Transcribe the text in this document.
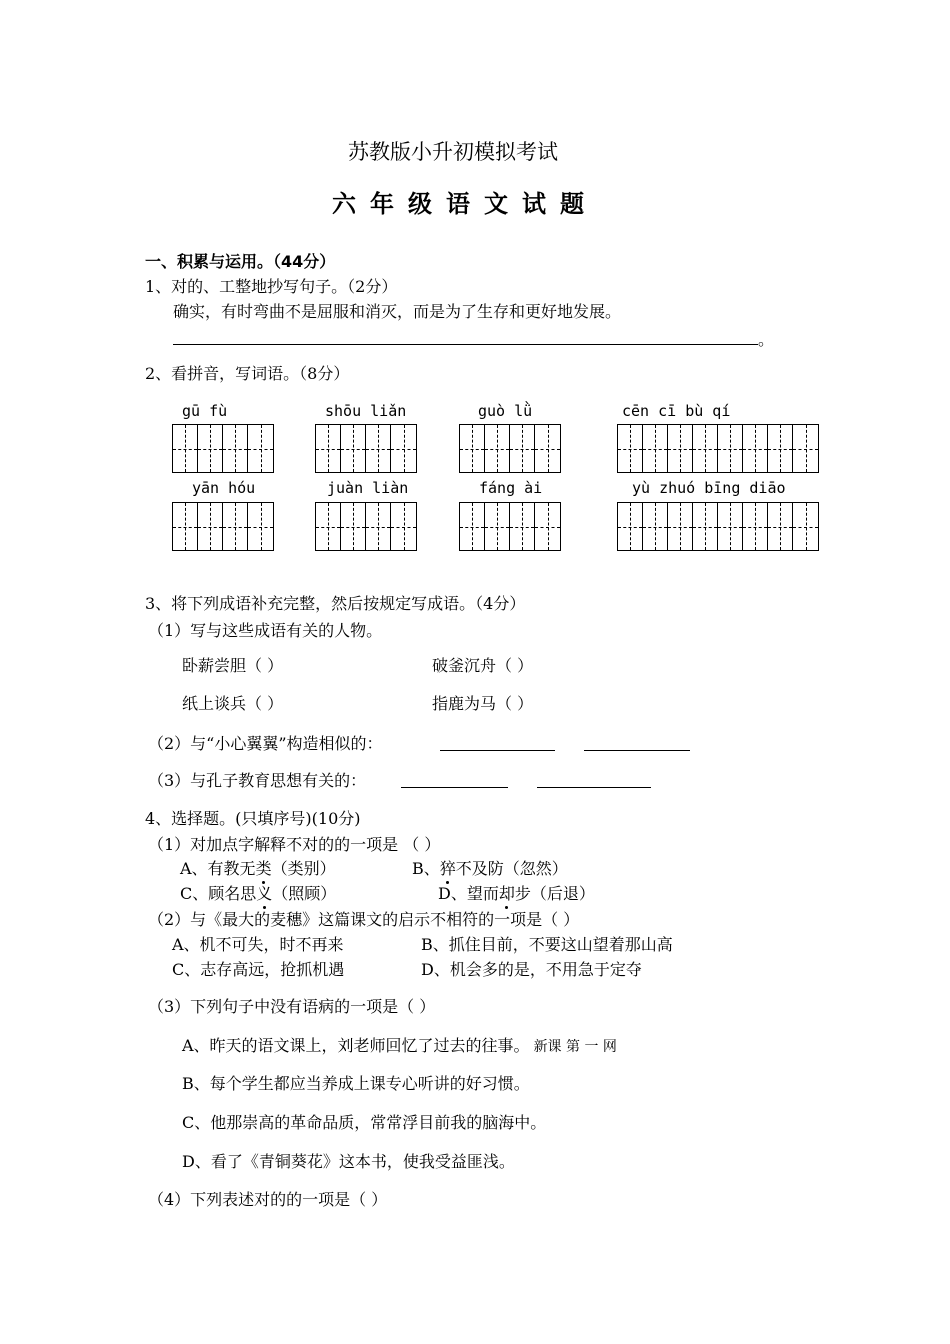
苏教版小升初模拟考试
六年级语文试题
一、积累与运用。（44分）
1、对的、工整地抄写句子。（2分）
确实，有时弯曲不是屈服和消灭，而是为了生存和更好地发展。
。
2、看拼音，写词语。（8分）
gū fù	shōu liǎn	guò lǜ	cēn cī bù qí
yān hóu	juàn liàn	fáng ài	yù zhuó bīng diāo
3、将下列成语补充完整，然后按规定写成语。（4分）
（1）写与这些成语有关的人物。
卧薪尝胆（ ）	破釜沉舟（ ）
纸上谈兵（ ）	指鹿为马（ ）
（2）与“小心翼翼”构造相似的：
（3）与孔子教育思想有关的：
4、选择题。(只填序号)(10分)
（1）对加点字解释不对的的一项是 （ ）
A、有教无类（类别）	B、猝不及防（忽然）
C、顾名思义（照顾）	D、望而却步（后退）
（2）与《最大的麦穗》这篇课文的启示不相符的一项是（ ）
A、机不可失，时不再来	B、抓住目前，不要这山望着那山高
C、志存高远，抢抓机遇	D、机会多的是，不用急于定夺
（3）下列句子中没有语病的一项是（ ）
A、昨天的语文课上，刘老师回忆了过去的往事。 新课 第 一 网
B、每个学生都应当养成上课专心听讲的好习惯。
C、他那崇高的革命品质，常常浮目前我的脑海中。
D、看了《青铜葵花》这本书，使我受益匪浅。
（4）下列表述对的的一项是（ ）
